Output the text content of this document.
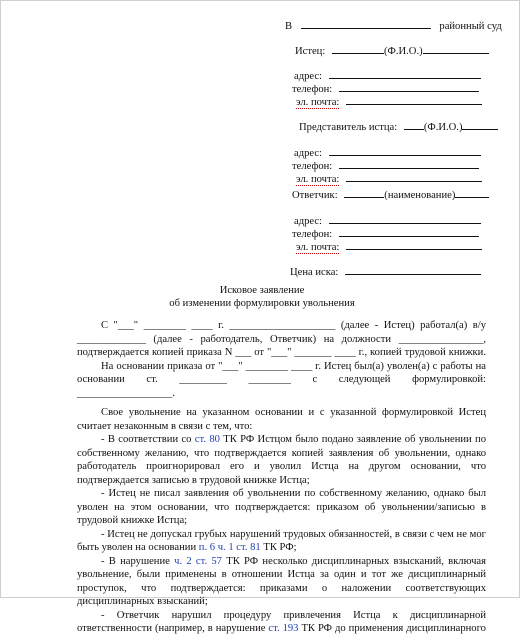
В	районный суд
Истец:	(Ф.И.О.)
адрес:
телефон:
эл. почта:
Представитель истца:	(Ф.И.О.)
адрес:
телефон:
эл. почта:
Ответчик:	(наименование)
адрес:
телефон:
эл. почта:
Цена иска:
Исковое заявление
об изменении формулировки увольнения

С "___" ________ ____ г. ____________________ (далее - Истец) работал(а) в/у

_____________ (далее - работодатель, Ответчик) на должности ________________,

подтверждается копией приказа N ___ от "___" _______ ____ г., копией трудовой книжки.

На основании приказа от "___" ________ ____ г. Истец был(а) уволен(а) с работы на

основании ст. _________ ________ с следующей формулировкой:

__________________.

Свое увольнение на указанном основании и с указанной формулировкой Истец

считает незаконным в связи с тем, что:

- В соответствии со ст. 80 ТК РФ Истцом было подано заявление об увольнении по собственному желанию, что подтверждается копией заявления об увольнении, однако работодатель проигнорировал его и уволил Истца на другом основании, что подтверждается записью в трудовой книжке Истца;

- Истец не писал заявления об увольнении по собственному желанию, однако был уволен на этом основании, что подтверждается: приказом об увольнении/записью в трудовой книжке Истца;

- Истец не допускал грубых нарушений трудовых обязанностей, в связи с чем не мог

быть уволен на основании п. 6 ч. 1 ст. 81 ТК РФ;

- В нарушение ч. 2 ст. 57 ТК РФ несколько дисциплинарных взысканий, включая увольнение, были применены в отношении Истца за один и тот же дисциплинарный проступок, что подтверждается: приказами о наложении соответствующих дисциплинарных взысканий;

- Ответчик нарушил процедуру привлечения Истца к дисциплинарной

ответственности (например, в нарушение ст. 193 ТК РФ до применения дисциплинарного
